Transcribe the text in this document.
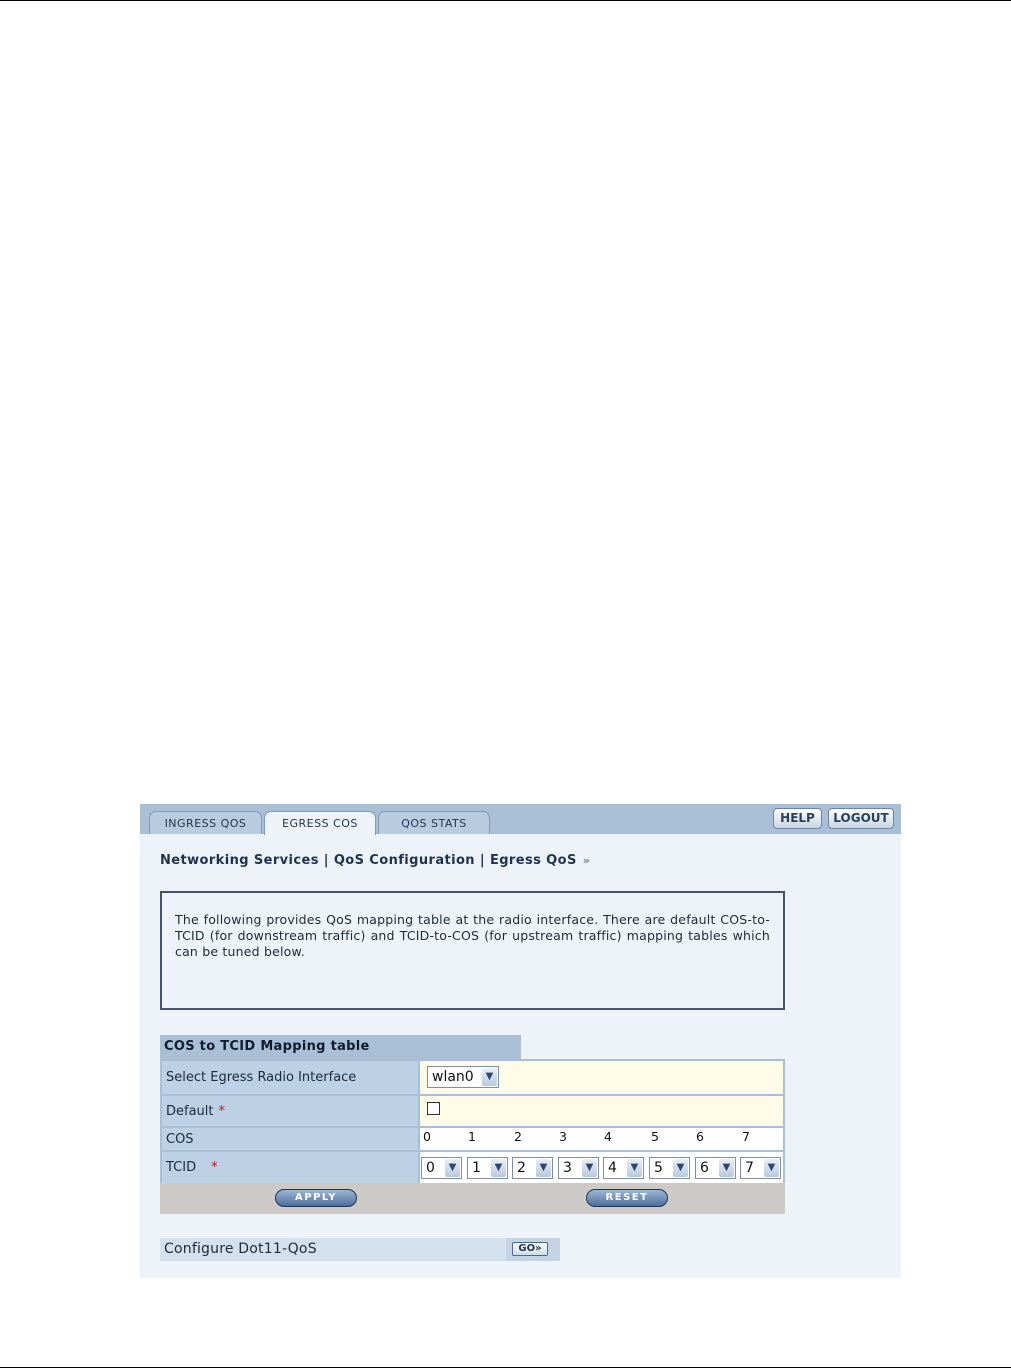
INGRESS QOS	EGRESS COS	QOS STATS	HELP	LOGOUT
Networking Services | QoS Configuration | Egress QoS »
The following provides QoS mapping table at the radio interface. There are default COS-to-TCID (for downstream traffic) and TCID-to-COS (for upstream traffic) mapping tables which can be tuned below.
COS to TCID Mapping table
Select Egress Radio Interface	wlan0	▼
Default *
COS	0	1	2	3	4	5	6	7
TCID *	0	▼	1	▼	2	▼	3	▼	4	▼	5	▼	6	▼	7	▼
APPLY	RESET
Configure Dot11-QoS	GO»
